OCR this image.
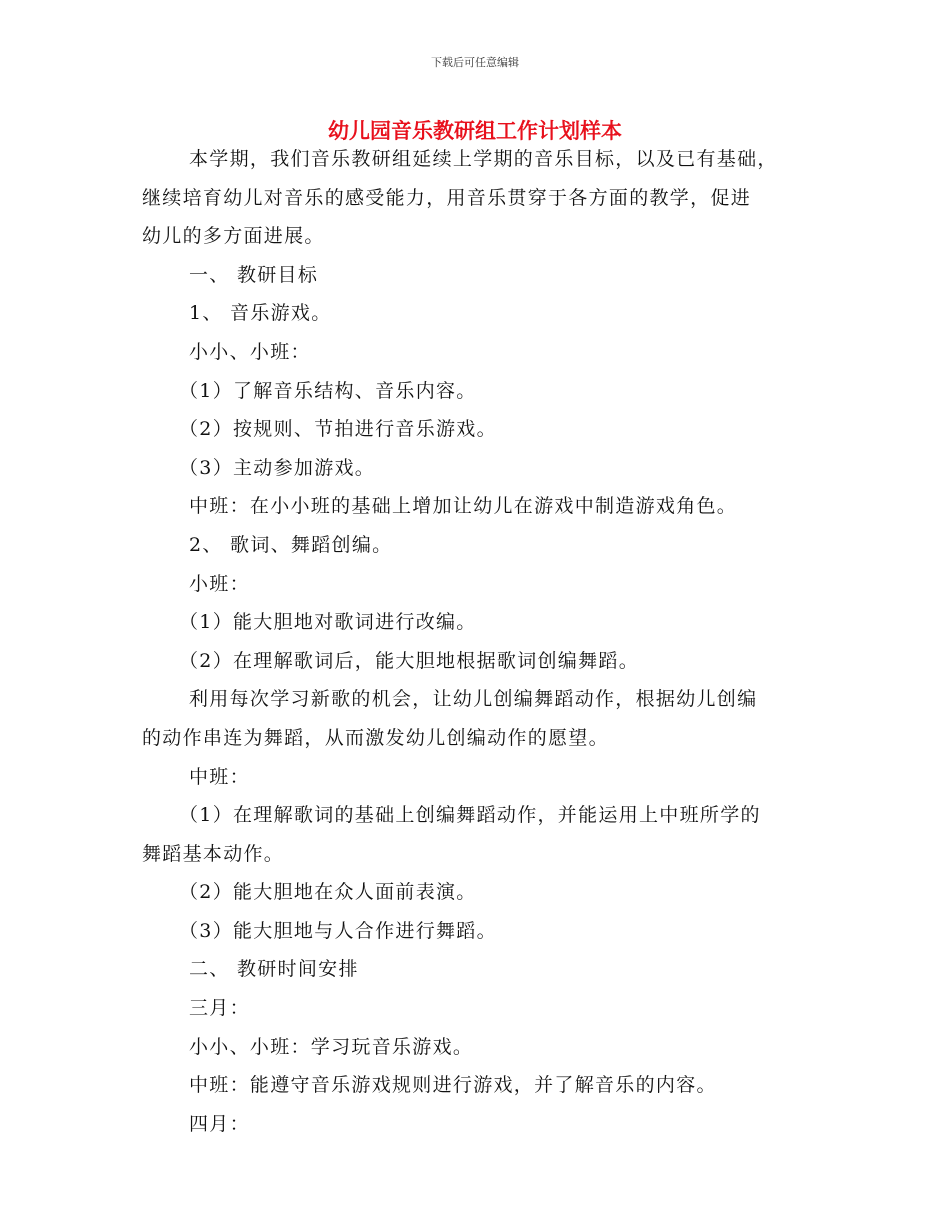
下载后可任意编辑
幼儿园音乐教研组工作计划样本
本学期，我们音乐教研组延续上学期的音乐目标，以及已有基础，
继续培育幼儿对音乐的感受能力，用音乐贯穿于各方面的教学，促进
幼儿的多方面进展。
一、 教研目标
1、 音乐游戏。
小小、小班：
（1）了解音乐结构、音乐内容。
（2）按规则、节拍进行音乐游戏。
（3）主动参加游戏。
中班：在小小班的基础上增加让幼儿在游戏中制造游戏角色。
2、 歌词、舞蹈创编。
小班：
（1）能大胆地对歌词进行改编。
（2）在理解歌词后，能大胆地根据歌词创编舞蹈。
利用每次学习新歌的机会，让幼儿创编舞蹈动作，根据幼儿创编
的动作串连为舞蹈，从而激发幼儿创编动作的愿望。
中班：
（1）在理解歌词的基础上创编舞蹈动作，并能运用上中班所学的
舞蹈基本动作。
（2）能大胆地在众人面前表演。
（3）能大胆地与人合作进行舞蹈。
二、 教研时间安排
三月：
小小、小班：学习玩音乐游戏。
中班：能遵守音乐游戏规则进行游戏，并了解音乐的内容。
四月：
